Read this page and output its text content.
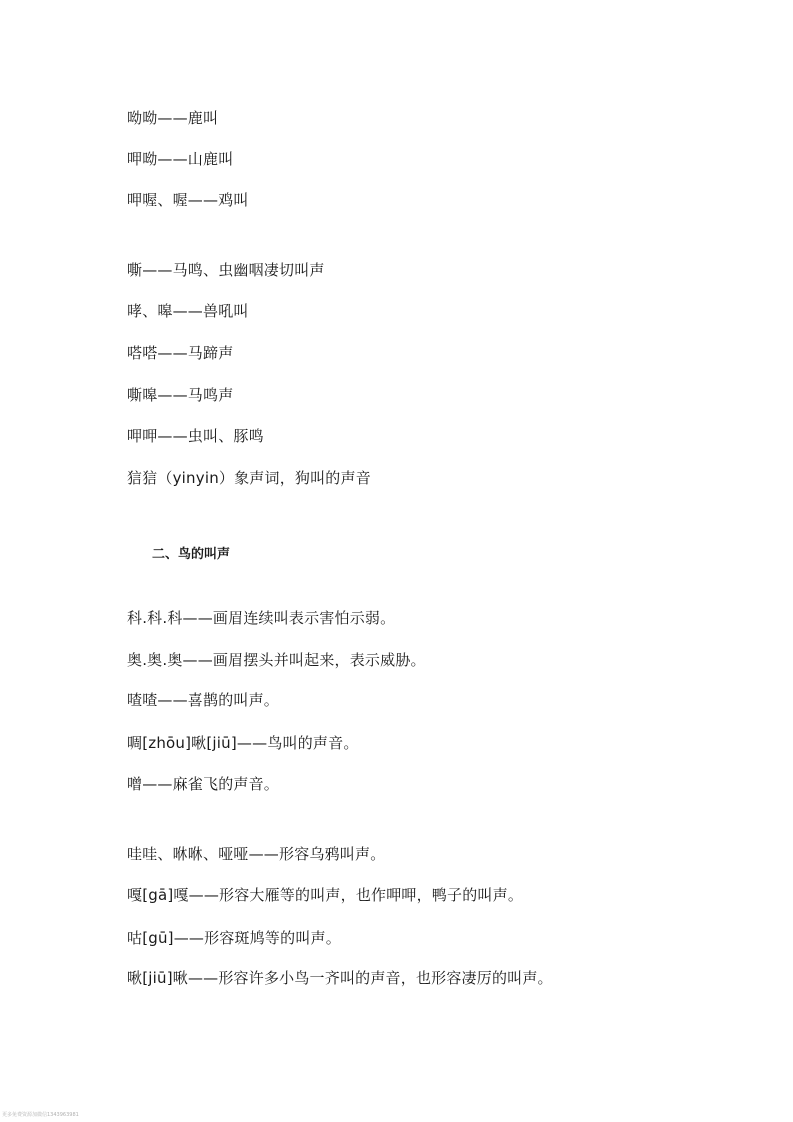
呦呦——鹿叫
呷呦——山鹿叫
呷喔、喔——鸡叫
嘶——马鸣、虫幽咽凄切叫声
哮、嗥——兽吼叫
嗒嗒——马蹄声
嘶嗥——马鸣声
呷呷——虫叫、豚鸣
狺狺（yinyin）象声词，狗叫的声音
二、鸟的叫声
科.科.科——画眉连续叫表示害怕示弱。
奥.奥.奥——画眉摆头并叫起来，表示威胁。
喳喳——喜鹊的叫声。
啁[zhōu]啾[jiū]——鸟叫的声音。
噌——麻雀飞的声音。
哇哇、咻咻、哑哑——形容乌鸦叫声。
嘎[gā]嘎——形容大雁等的叫声，也作呷呷，鸭子的叫声。
咕[gū]——形容斑鸠等的叫声。
啾[jiū]啾——形容许多小鸟一齐叫的声音，也形容凄厉的叫声。
更多免费资源加微信1343963981
